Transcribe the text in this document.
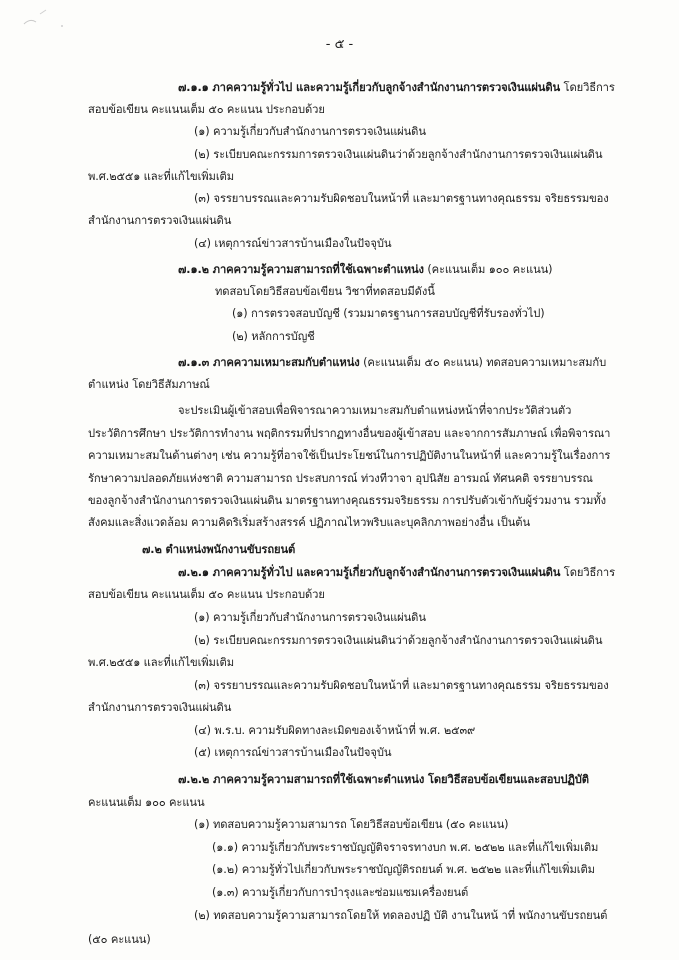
- ๕ -
๗.๑.๑ ภาคความรู้ทั่วไป และความรู้เกี่ยวกับลูกจ้างสำนักงานการตรวจเงินแผ่นดิน โดยวิธีการ
สอบข้อเขียน คะแนนเต็ม ๕๐ คะแนน ประกอบด้วย
(๑) ความรู้เกี่ยวกับสำนักงานการตรวจเงินแผ่นดิน
(๒) ระเบียบคณะกรรมการตรวจเงินแผ่นดินว่าด้วยลูกจ้างสำนักงานการตรวจเงินแผ่นดิน
พ.ศ.๒๕๕๑ และที่แก้ไขเพิ่มเติม
(๓) จรรยาบรรณและความรับผิดชอบในหน้าที่ และมาตรฐานทางคุณธรรม จริยธรรมของ
สำนักงานการตรวจเงินแผ่นดิน
(๔) เหตุการณ์ข่าวสารบ้านเมืองในปัจจุบัน
๗.๑.๒ ภาคความรู้ความสามารถที่ใช้เฉพาะตำแหน่ง (คะแนนเต็ม ๑๐๐ คะแนน)
ทดสอบโดยวิธีสอบข้อเขียน วิชาที่ทดสอบมีดังนี้
(๑) การตรวจสอบบัญชี (รวมมาตรฐานการสอบบัญชีที่รับรองทั่วไป)
(๒) หลักการบัญชี
๗.๑.๓ ภาคความเหมาะสมกับตำแหน่ง (คะแนนเต็ม ๕๐ คะแนน) ทดสอบความเหมาะสมกับ
ตำแหน่ง โดยวิธีสัมภาษณ์
จะประเมินผู้เข้าสอบเพื่อพิจารณาความเหมาะสมกับตำแหน่งหน้าที่จากประวัติส่วนตัว
ประวัติการศึกษา ประวัติการทำงาน พฤติกรรมที่ปรากฏทางอื่นของผู้เข้าสอบ และจากการสัมภาษณ์ เพื่อพิจารณา
ความเหมาะสมในด้านต่างๆ เช่น ความรู้ที่อาจใช้เป็นประโยชน์ในการปฏิบัติงานในหน้าที่ และความรู้ในเรื่องการ
รักษาความปลอดภัยแห่งชาติ ความสามารถ ประสบการณ์ ท่วงทีวาจา อุปนิสัย อารมณ์ ทัศนคติ จรรยาบรรณ
ของลูกจ้างสำนักงานการตรวจเงินแผ่นดิน มาตรฐานทางคุณธรรมจริยธรรม การปรับตัวเข้ากับผู้ร่วมงาน รวมทั้ง
สังคมและสิ่งแวดล้อม ความคิดริเริ่มสร้างสรรค์ ปฏิภาณไหวพริบและบุคลิกภาพอย่างอื่น เป็นต้น
๗.๒ ตำแหน่งพนักงานขับรถยนต์
๗.๒.๑ ภาคความรู้ทั่วไป และความรู้เกี่ยวกับลูกจ้างสำนักงานการตรวจเงินแผ่นดิน โดยวิธีการ
สอบข้อเขียน คะแนนเต็ม ๕๐ คะแนน ประกอบด้วย
(๑) ความรู้เกี่ยวกับสำนักงานการตรวจเงินแผ่นดิน
(๒) ระเบียบคณะกรรมการตรวจเงินแผ่นดินว่าด้วยลูกจ้างสำนักงานการตรวจเงินแผ่นดิน
พ.ศ.๒๕๕๑ และที่แก้ไขเพิ่มเติม
(๓) จรรยาบรรณและความรับผิดชอบในหน้าที่ และมาตรฐานทางคุณธรรม จริยธรรมของ
สำนักงานการตรวจเงินแผ่นดิน
(๔) พ.ร.บ. ความรับผิดทางละเมิดของเจ้าหน้าที่ พ.ศ. ๒๕๓๙
(๕) เหตุการณ์ข่าวสารบ้านเมืองในปัจจุบัน
๗.๒.๒ ภาคความรู้ความสามารถที่ใช้เฉพาะตำแหน่ง โดยวิธีสอบข้อเขียนและสอบปฏิบัติ
คะแนนเต็ม ๑๐๐ คะแนน
(๑) ทดสอบความรู้ความสามารถ โดยวิธีสอบข้อเขียน (๕๐ คะแนน)
(๑.๑) ความรู้เกี่ยวกับพระราชบัญญัติจราจรทางบก พ.ศ. ๒๕๒๒ และที่แก้ไขเพิ่มเติม
(๑.๒) ความรู้ทั่วไปเกี่ยวกับพระราชบัญญัติรถยนต์ พ.ศ. ๒๕๒๒ และที่แก้ไขเพิ่มเติม
(๑.๓) ความรู้เกี่ยวกับการบำรุงและซ่อมแซมเครื่องยนต์
(๒) ทดสอบความรู้ความสามารถโดยให้ ทดลองปฏิ บัติ งานในหน้ าที่ พนักงานขับรถยนต์
(๕๐ คะแนน)
